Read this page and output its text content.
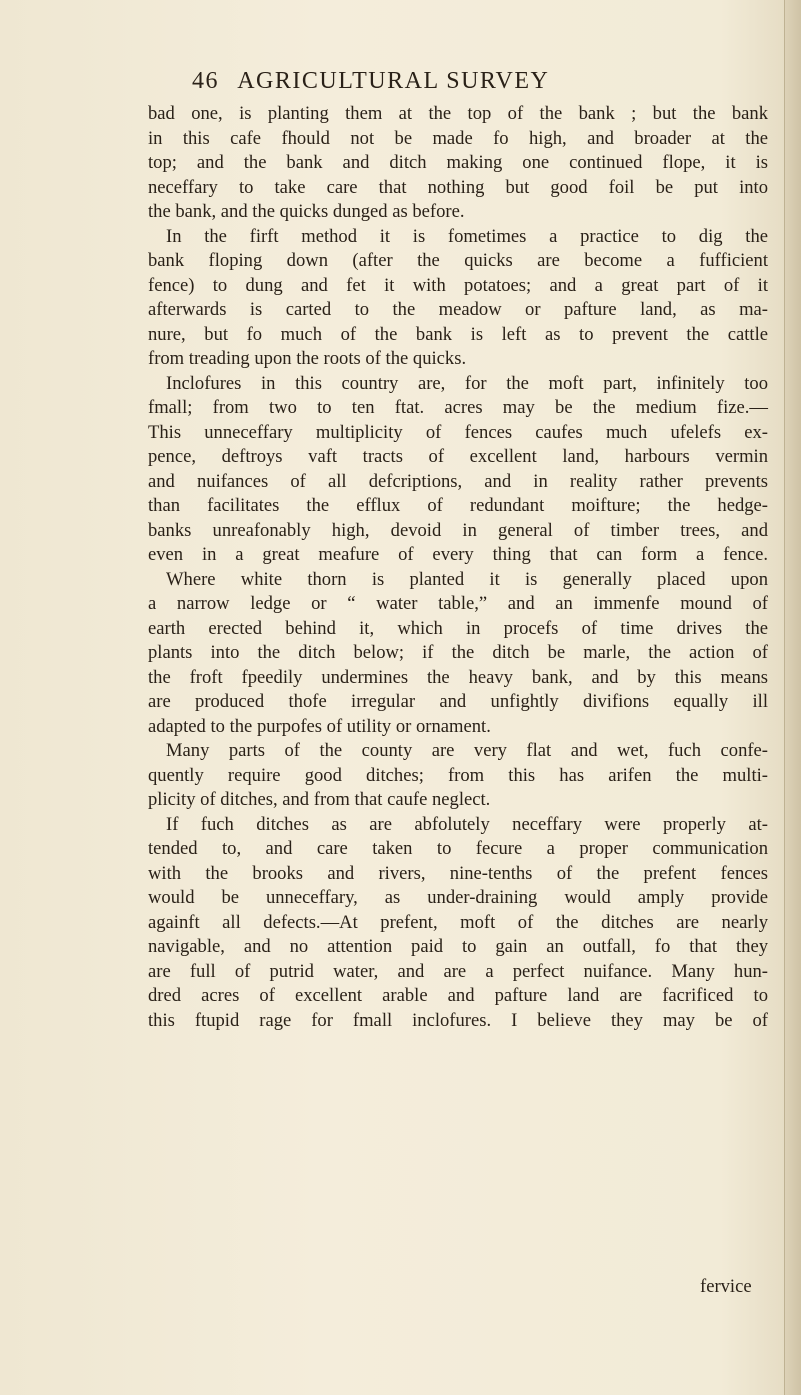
46 AGRICULTURAL SURVEY
bad one, is planting them at the top of the bank ; but the bank
in this cafe fhould not be made fo high, and broader at the
top; and the bank and ditch making one continued flope, it is
neceffary to take care that nothing but good foil be put into
the bank, and the quicks dunged as before.
In the firft method it is fometimes a practice to dig the
bank floping down (after the quicks are become a fufficient
fence) to dung and fet it with potatoes; and a great part of it
afterwards is carted to the meadow or pafture land, as ma-
nure, but fo much of the bank is left as to prevent the cattle
from treading upon the roots of the quicks.
Inclofures in this country are, for the moft part, infinitely too
fmall; from two to ten ftat. acres may be the medium fize.—
This unneceffary multiplicity of fences caufes much ufelefs ex-
pence, deftroys vaft tracts of excellent land, harbours vermin
and nuifances of all defcriptions, and in reality rather prevents
than facilitates the efflux of redundant moifture; the hedge-
banks unreafonably high, devoid in general of timber trees, and
even in a great meafure of every thing that can form a fence.
Where white thorn is planted it is generally placed upon
a narrow ledge or “ water table,” and an immenfe mound of
earth erected behind it, which in procefs of time drives the
plants into the ditch below; if the ditch be marle, the action of
the froft fpeedily undermines the heavy bank, and by this means
are produced thofe irregular and unfightly divifions equally ill
adapted to the purpofes of utility or ornament.
Many parts of the county are very flat and wet, fuch confe-
quently require good ditches; from this has arifen the multi-
plicity of ditches, and from that caufe neglect.
If fuch ditches as are abfolutely neceffary were properly at-
tended to, and care taken to fecure a proper communication
with the brooks and rivers, nine-tenths of the prefent fences
would be unneceffary, as under-draining would amply provide
againft all defects.—At prefent, moft of the ditches are nearly
navigable, and no attention paid to gain an outfall, fo that they
are full of putrid water, and are a perfect nuifance. Many hun-
dred acres of excellent arable and pafture land are facrificed to
this ftupid rage for fmall inclofures. I believe they may be of
fervice
